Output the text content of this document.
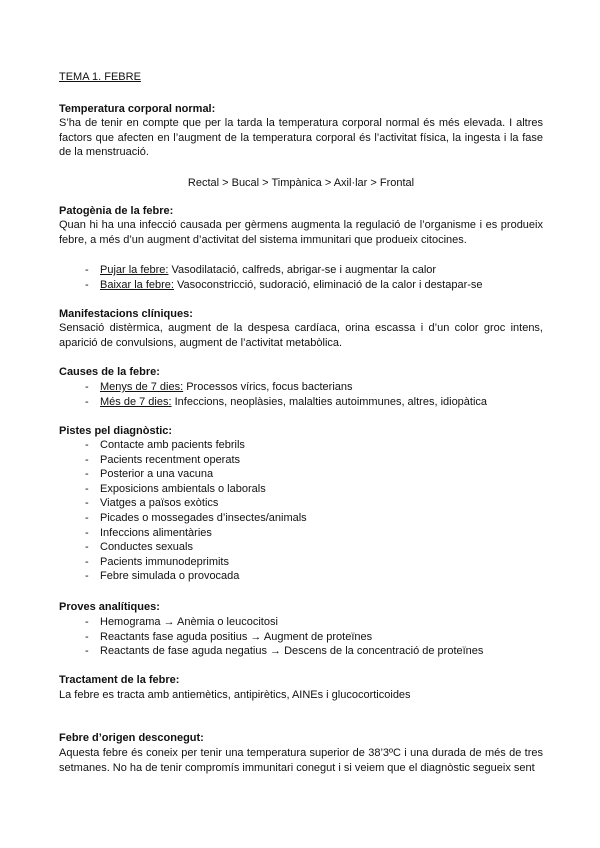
TEMA 1. FEBRE
Temperatura corporal normal:
S’ha de tenir en compte que per la tarda la temperatura corporal normal és més elevada. I altres factors que afecten en l’augment de la temperatura corporal és l’activitat física, la ingesta i la fase de la menstruació.
Rectal > Bucal > Timpànica > Axil·lar > Frontal
Patogènia de la febre:
Quan hi ha una infecció causada per gèrmens augmenta la regulació de l’organisme i es produeix febre, a més d’un augment d’activitat del sistema immunitari que produeix citocines.
- Pujar la febre: Vasodilatació, calfreds, abrigar-se i augmentar la calor
- Baixar la febre: Vasoconstricció, sudoració, eliminació de la calor i destapar-se
Manifestacions clíniques:
Sensació distèrmica, augment de la despesa cardíaca, orina escassa i d’un color groc intens, aparició de convulsions, augment de l’activitat metabòlica.
Causes de la febre:
- Menys de 7 dies: Processos vírics, focus bacterians
- Més de 7 dies: Infeccions, neoplàsies, malalties autoimmunes, altres, idiopàtica
Pistes pel diagnòstic:
- Contacte amb pacients febrils
- Pacients recentment operats
- Posterior a una vacuna
- Exposicions ambientals o laborals
- Viatges a països exòtics
- Picades o mossegades d’insectes/animals
- Infeccions alimentàries
- Conductes sexuals
- Pacients immunodeprimits
- Febre simulada o provocada
Proves analítiques:
- Hemograma → Anèmia o leucocitosi
- Reactants fase aguda positius → Augment de proteïnes
- Reactants de fase aguda negatius → Descens de la concentració de proteïnes
Tractament de la febre:
La febre es tracta amb antiemètics, antipirètics, AINEs i glucocorticoides
Febre d’origen desconegut:
Aquesta febre és coneix per tenir una temperatura superior de 38’3ºC i una durada de més de tres setmanes. No ha de tenir compromís immunitari conegut i si veiem que el diagnòstic segueix sent
